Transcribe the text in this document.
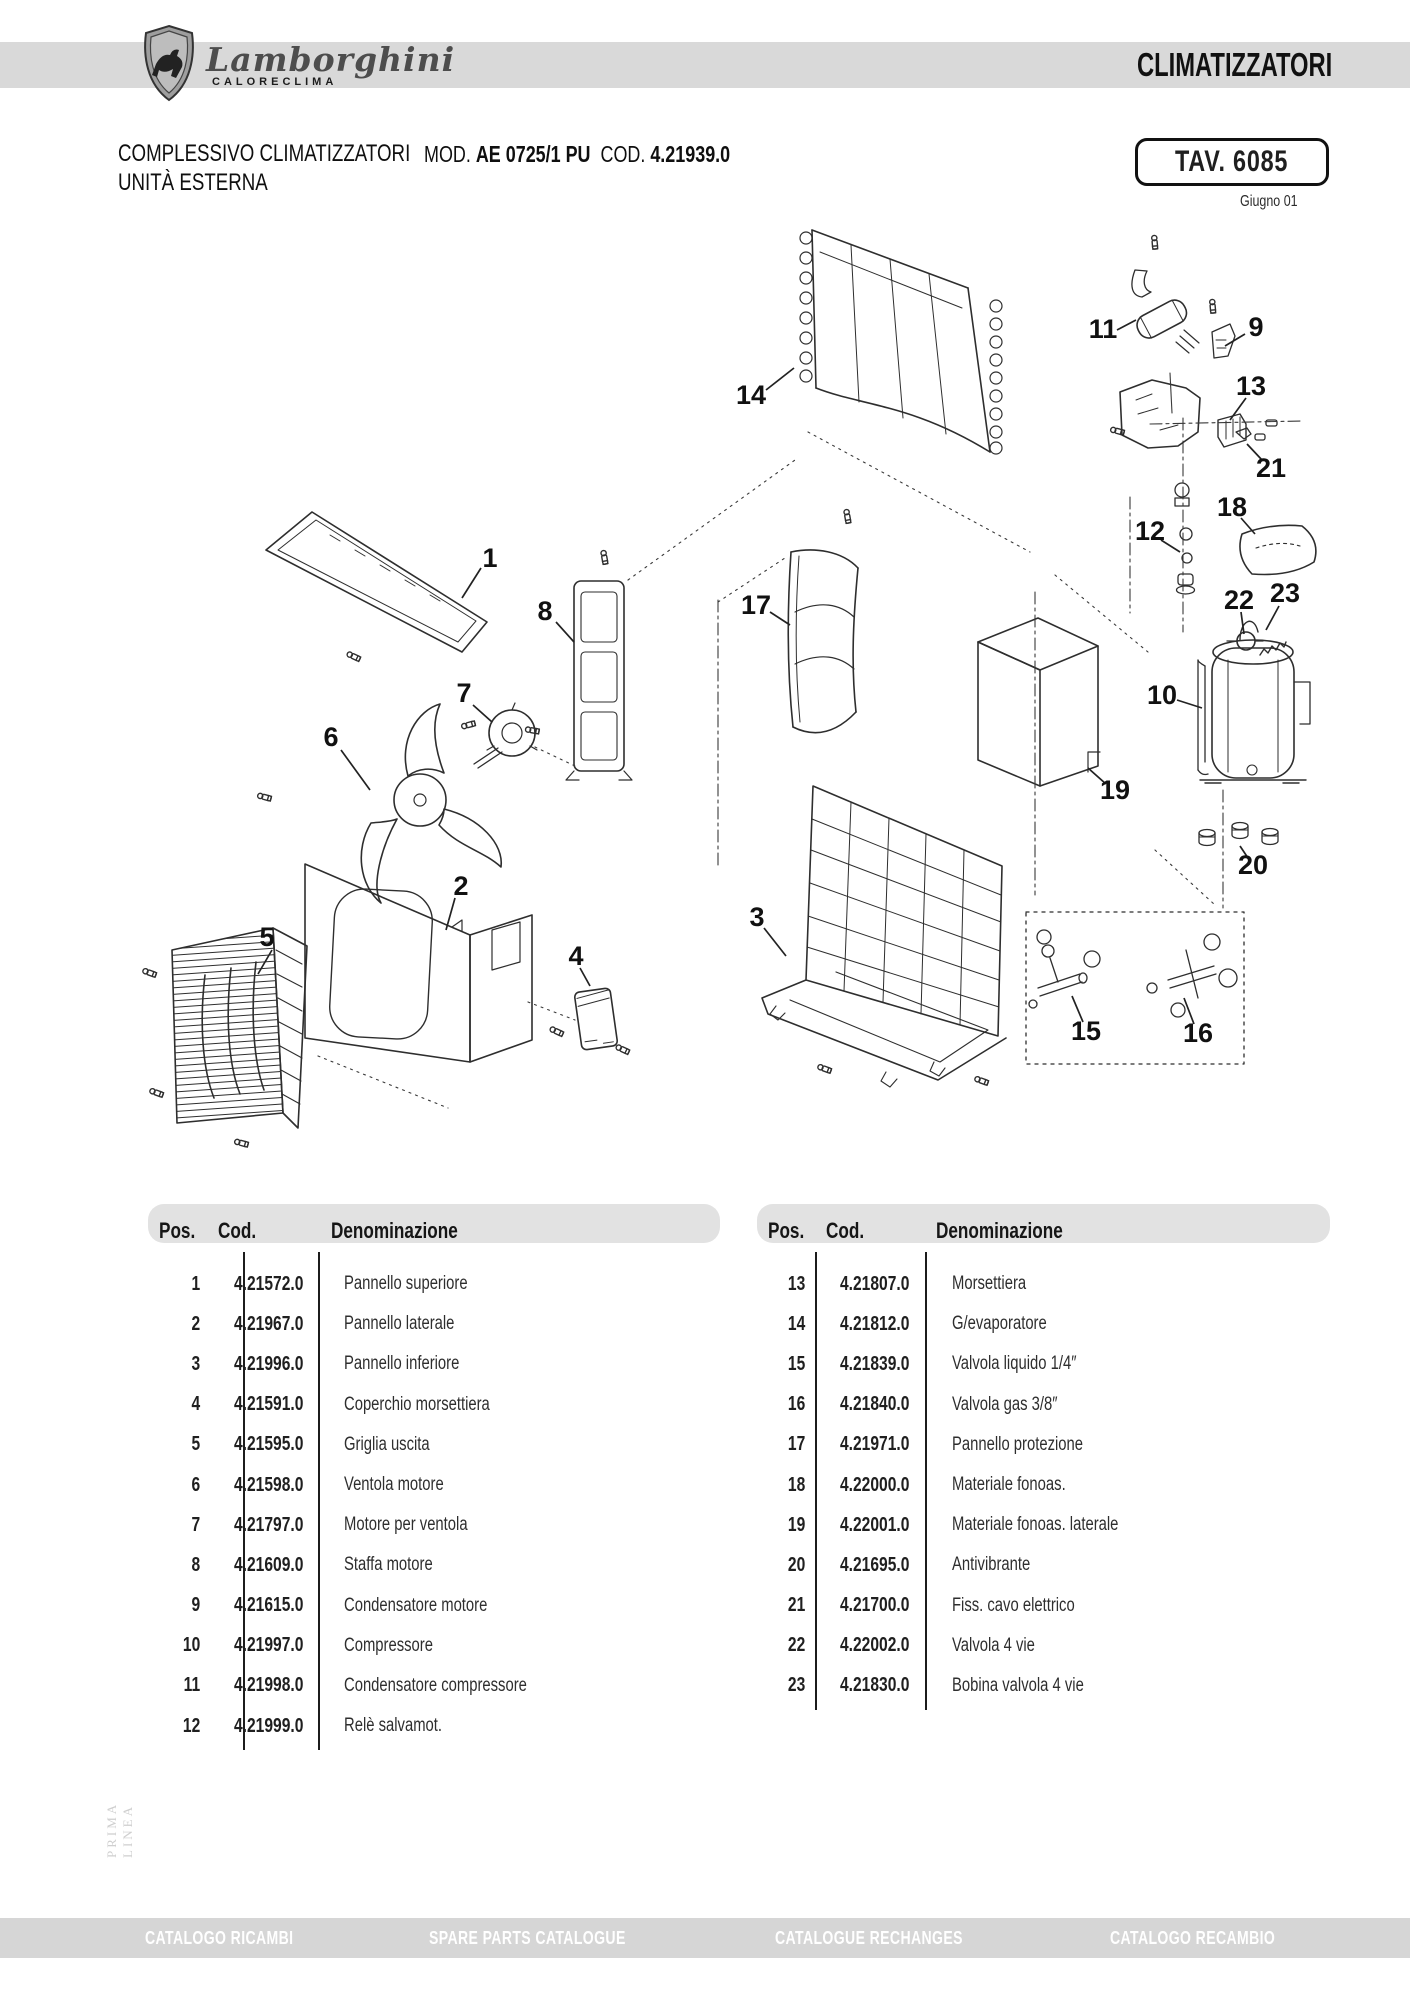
Lamborghini
CALORECLIMA	CLIMATIZZATORI
COMPLESSIVO CLIMATIZZATORI
UNITÀ ESTERNA
MOD. AE 0725/1 PU COD. 4.21939.0	TAV. 6085
Giugno 01
1
2
3
4
5
6
7
8
9
10
11
12
13
14
15	16
17
18
19
20
21
22 23
Pos. Cod.	Denominazione	Pos. Cod.	Denominazione
1	4.21572.0	Pannello superiore
2	4.21967.0	Pannello laterale
3	4.21996.0	Pannello inferiore
4	4.21591.0	Coperchio morsettiera
5	4.21595.0	Griglia uscita
6	4.21598.0	Ventola motore
7	4.21797.0	Motore per ventola
8	4.21609.0	Staffa motore
9	4.21615.0	Condensatore motore
10	4.21997.0	Compressore
11	4.21998.0	Condensatore compressore
12	4.21999.0	Relè salvamot.
13	4.21807.0	Morsettiera
14	4.21812.0	G/evaporatore
15	4.21839.0	Valvola liquido 1/4″
16	4.21840.0	Valvola gas 3/8″
17	4.21971.0	Pannello protezione
18	4.22000.0	Materiale fonoas.
19	4.22001.0	Materiale fonoas. laterale
20	4.21695.0	Antivibrante
21	4.21700.0	Fiss. cavo elettrico
22	4.22002.0	Valvola 4 vie
23	4.21830.0	Bobina valvola 4 vie
PRIMA LINEA
CATALOGO RICAMBI	SPARE PARTS CATALOGUE	CATALOGUE RECHANGES	CATALOGO RECAMBIO
